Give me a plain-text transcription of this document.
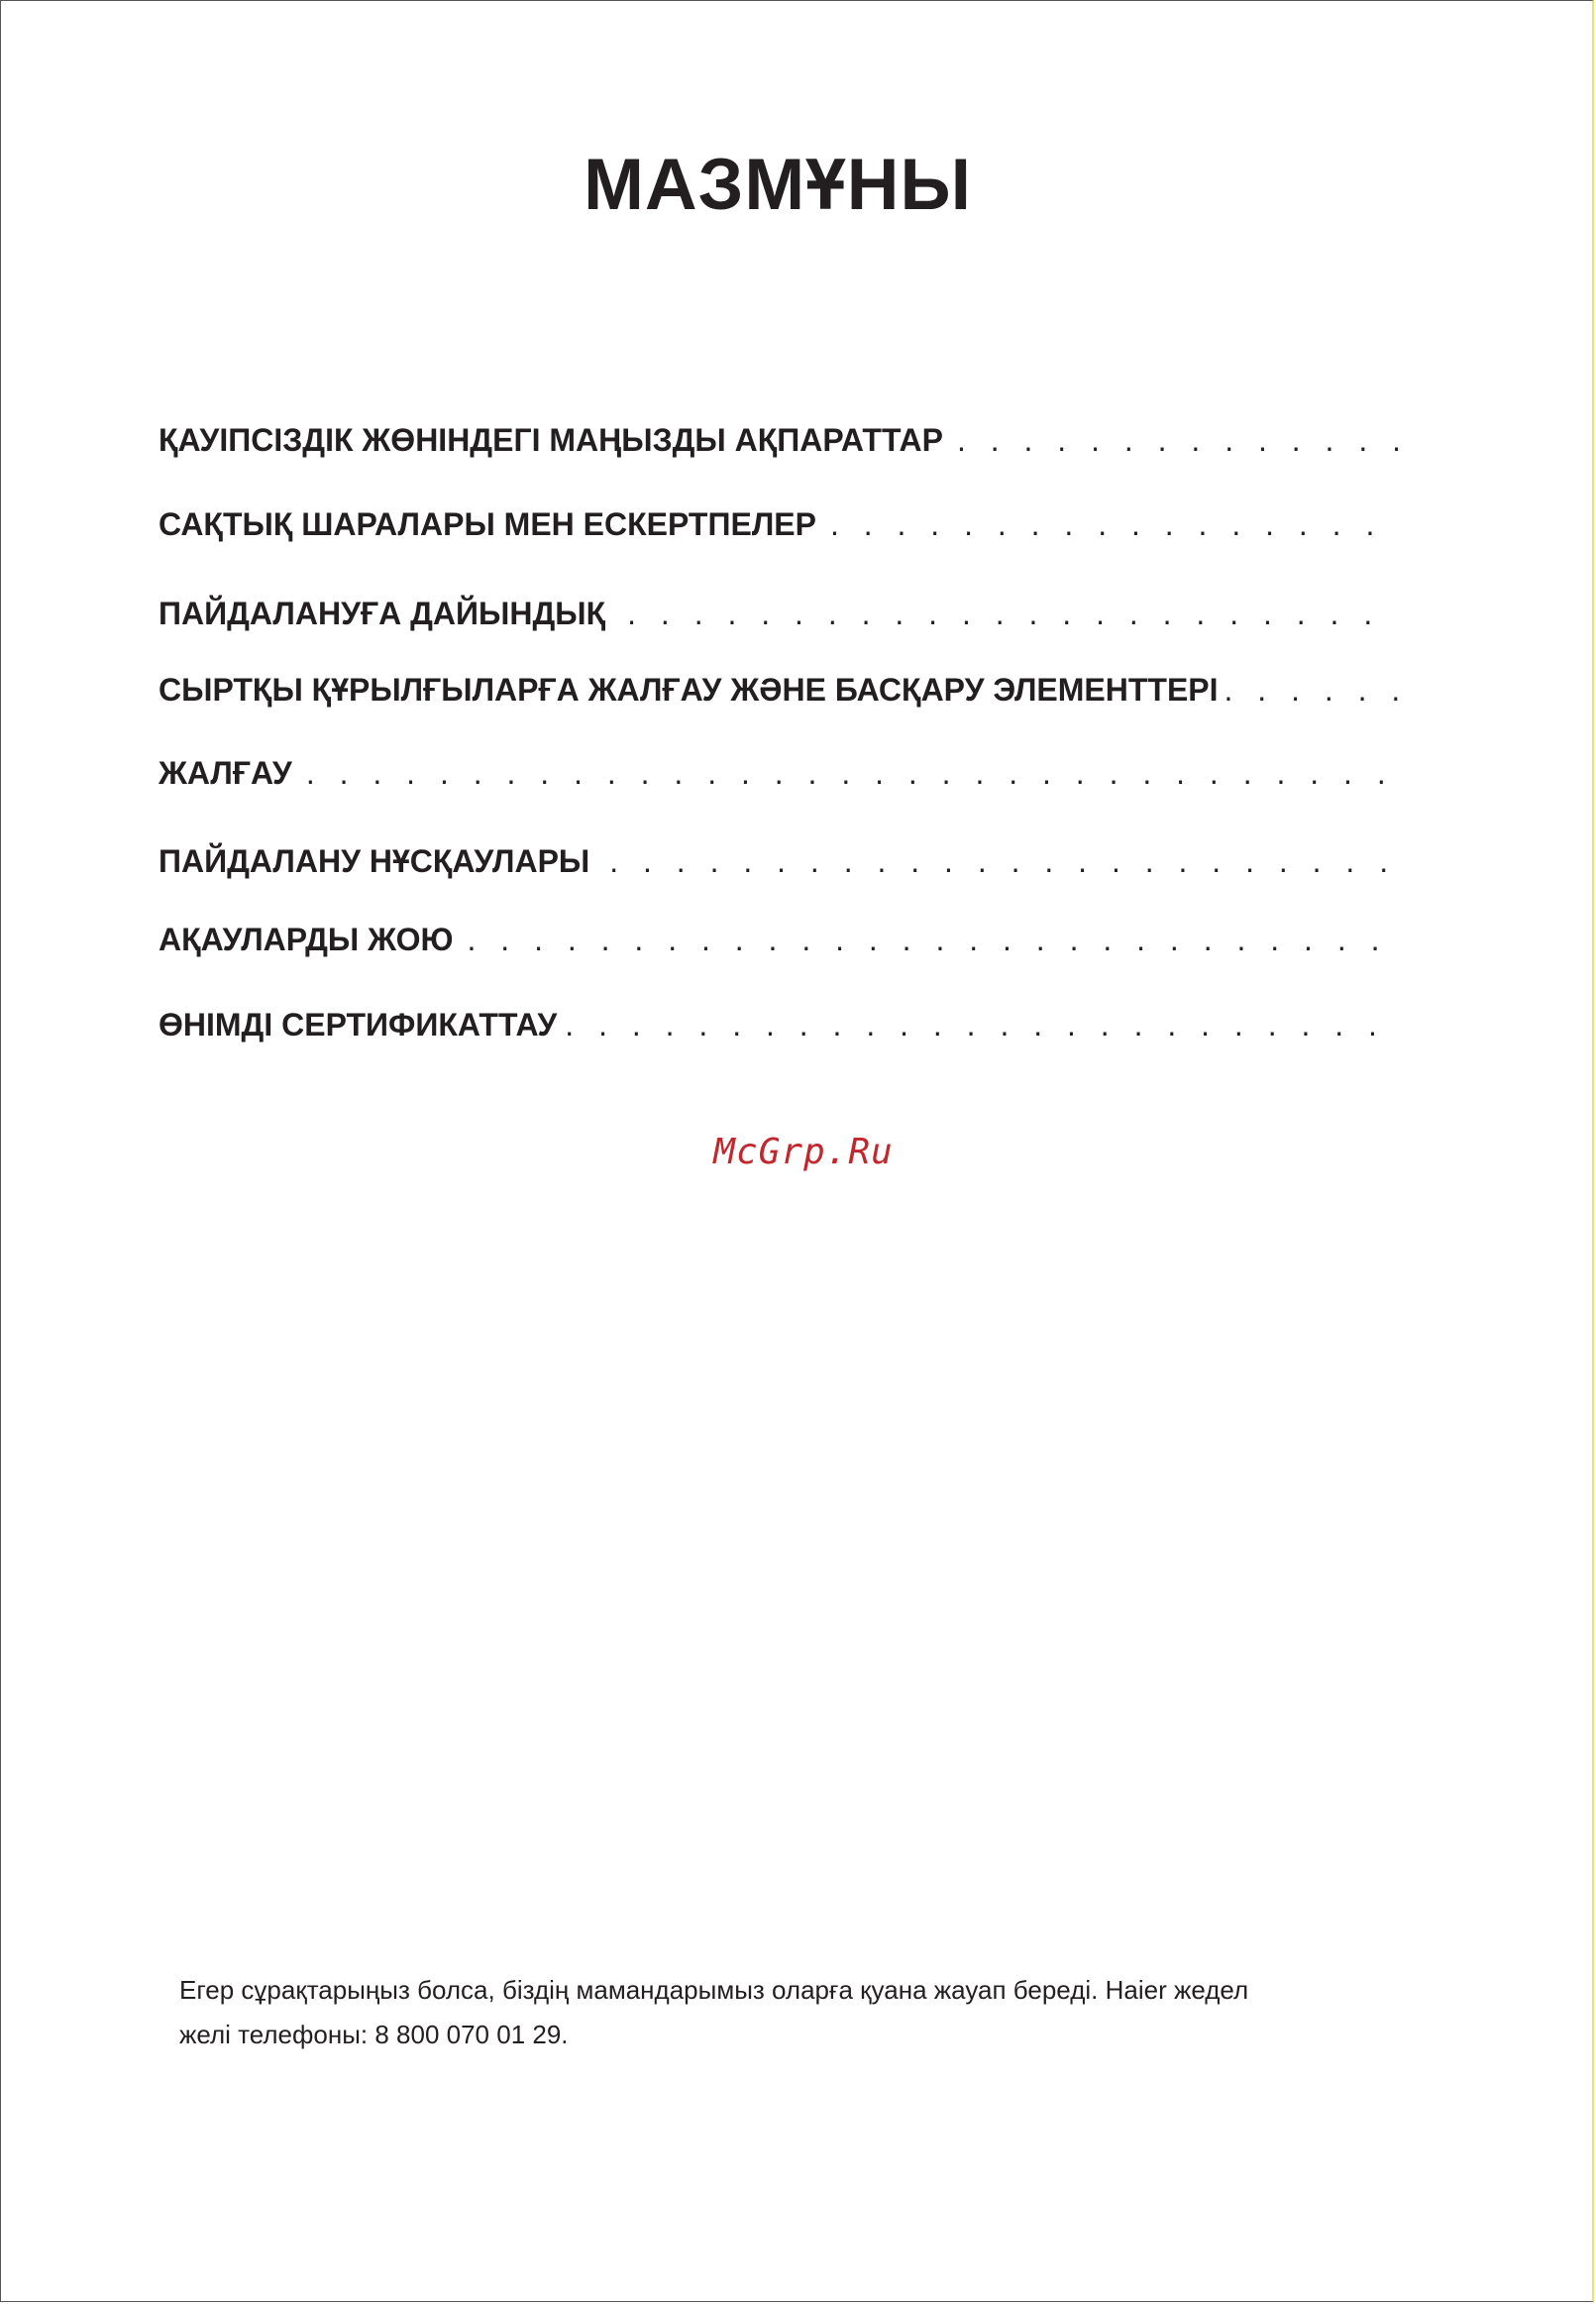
МАЗМҰНЫ
ҚАУІПСІЗДІК ЖӨНІНДЕГІ МАҢЫЗДЫ АҚПАРАТТАР
. . .
САҚТЫҚ ШАРАЛАРЫ МЕН ЕСКЕРТПЕЛЕР
. . .
ПАЙДАЛАНУҒА ДАЙЫНДЫҚ
. . .
СЫРТҚЫ ҚҰРЫЛҒЫЛАРҒА ЖАЛҒАУ ЖӘНЕ БАСҚАРУ ЭЛЕМЕНТТЕРІ
. . .
ЖАЛҒАУ
. . .
ПАЙДАЛАНУ НҰСҚАУЛАРЫ
. . .
АҚАУЛАРДЫ ЖОЮ
. . .
ӨНІМДІ СЕРТИФИКАТТАУ
. . .
McGrp.Ru
Егер сұрақтарыңыз болса, біздің мамандарымыз оларға қуана жауап береді. Haier жедел
желі телефоны: 8 800 070 01 29.
